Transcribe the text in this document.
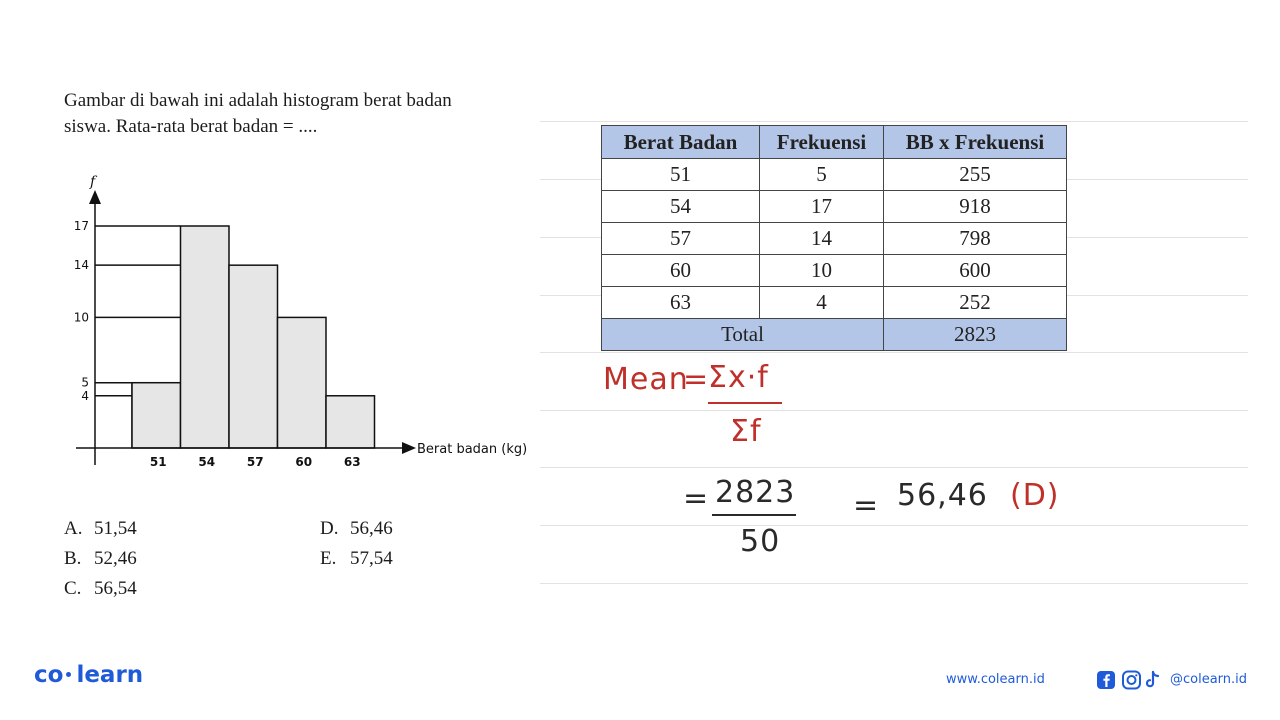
Gambar di bawah ini adalah histogram berat badan
siswa. Rata-rata berat badan = ....
f
Berat badan (kg)
17
14
10
5
4
51	54	57	60	63
A. 51,54
B. 52,46
C. 56,54
D. 56,46
E. 57,54
Berat Badan	Frekuensi	BB x Frekuensi
51	5	255
54	17	918
57	14	798
60	10	600
63	4	252
Total		2823
Mean
=
Σx·f
Σf
= 2823
50
= 56,46 (D)
co learn	www.colearn.id	@colearn.id
